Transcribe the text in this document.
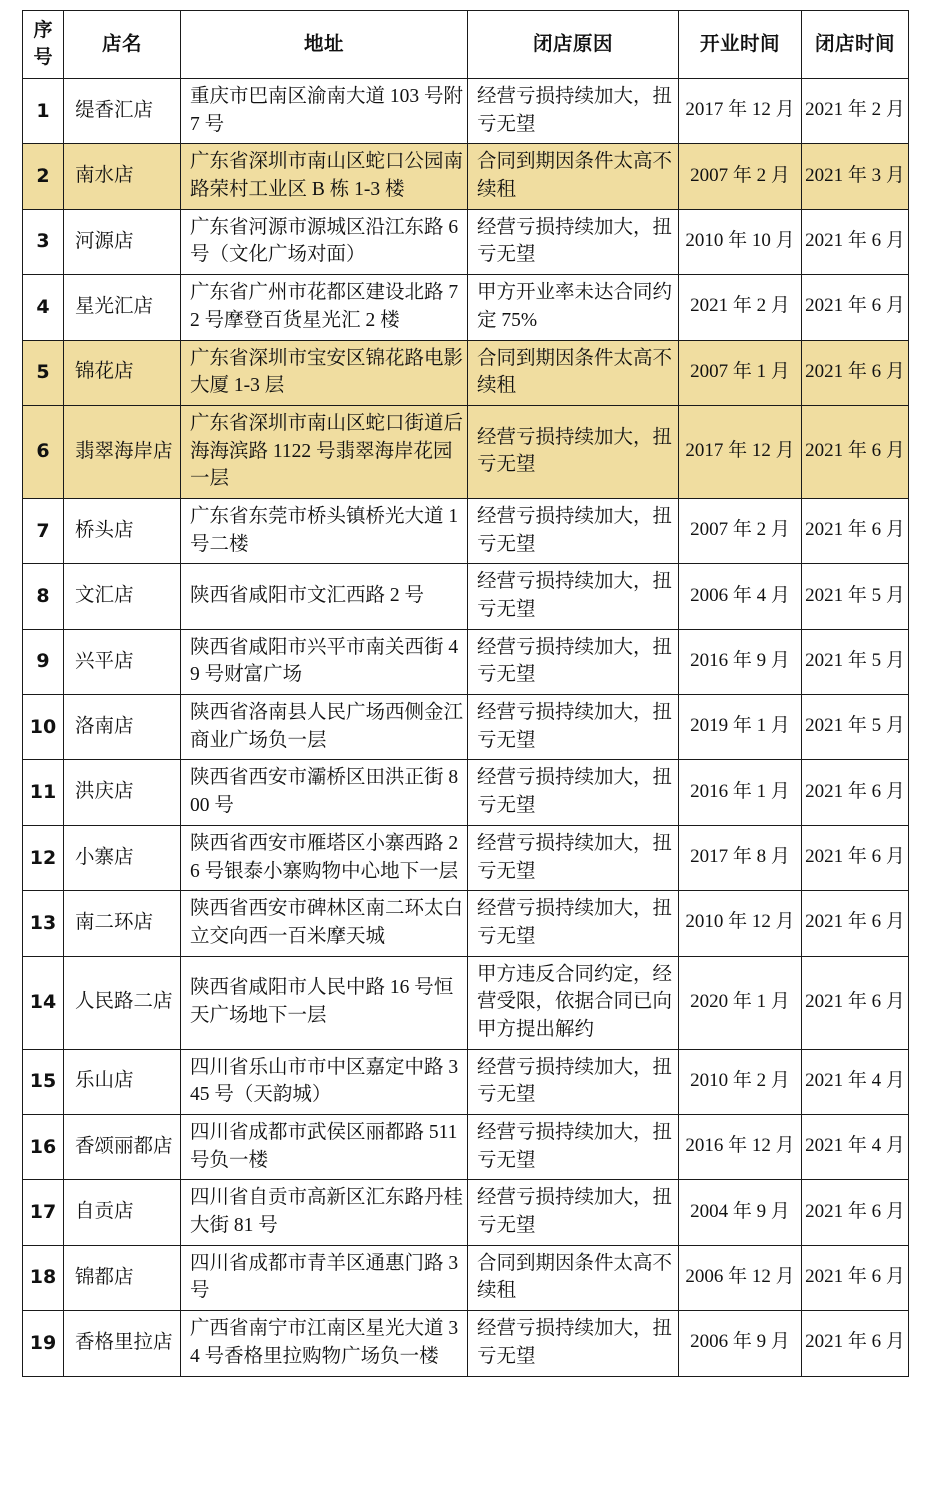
序
号	店名	地址	闭店原因	开业时间	闭店时间
1	缇香汇店	重庆市巴南区渝南大道 103 号附 7 号	经营亏损持续加大，扭亏无望	2017 年 12 月	2021 年 2 月
2	南水店	广东省深圳市南山区蛇口公园南路荣村工业区 B 栋 1-3 楼	合同到期因条件太高不续租	2007 年 2 月	2021 年 3 月
3	河源店	广东省河源市源城区沿江东路 6 号（文化广场对面）	经营亏损持续加大，扭亏无望	2010 年 10 月	2021 年 6 月
4	星光汇店	广东省广州市花都区建设北路 72 号摩登百货星光汇 2 楼	甲方开业率未达合同约定 75%	2021 年 2 月	2021 年 6 月
5	锦花店	广东省深圳市宝安区锦花路电影大厦 1-3 层	合同到期因条件太高不续租	2007 年 1 月	2021 年 6 月
6	翡翠海岸店	广东省深圳市南山区蛇口街道后海海滨路 1122 号翡翠海岸花园一层	经营亏损持续加大，扭亏无望	2017 年 12 月	2021 年 6 月
7	桥头店	广东省东莞市桥头镇桥光大道 1 号二楼	经营亏损持续加大，扭亏无望	2007 年 2 月	2021 年 6 月
8	文汇店	陕西省咸阳市文汇西路 2 号	经营亏损持续加大，扭亏无望	2006 年 4 月	2021 年 5 月
9	兴平店	陕西省咸阳市兴平市南关西街 49 号财富广场	经营亏损持续加大，扭亏无望	2016 年 9 月	2021 年 5 月
10	洛南店	陕西省洛南县人民广场西侧金江商业广场负一层	经营亏损持续加大，扭亏无望	2019 年 1 月	2021 年 5 月
11	洪庆店	陕西省西安市灞桥区田洪正街 800 号	经营亏损持续加大，扭亏无望	2016 年 1 月	2021 年 6 月
12	小寨店	陕西省西安市雁塔区小寨西路 26 号银泰小寨购物中心地下一层	经营亏损持续加大，扭亏无望	2017 年 8 月	2021 年 6 月
13	南二环店	陕西省西安市碑林区南二环太白立交向西一百米摩天城	经营亏损持续加大，扭亏无望	2010 年 12 月	2021 年 6 月
14	人民路二店	陕西省咸阳市人民中路 16 号恒天广场地下一层	甲方违反合同约定，经营受限，依据合同已向甲方提出解约	2020 年 1 月	2021 年 6 月
15	乐山店	四川省乐山市市中区嘉定中路 345 号（天韵城）	经营亏损持续加大，扭亏无望	2010 年 2 月	2021 年 4 月
16	香颂丽都店	四川省成都市武侯区丽都路 511 号负一楼	经营亏损持续加大，扭亏无望	2016 年 12 月	2021 年 4 月
17	自贡店	四川省自贡市高新区汇东路丹桂大街 81 号	经营亏损持续加大，扭亏无望	2004 年 9 月	2021 年 6 月
18	锦都店	四川省成都市青羊区通惠门路 3 号	合同到期因条件太高不续租	2006 年 12 月	2021 年 6 月
19	香格里拉店	广西省南宁市江南区星光大道 34 号香格里拉购物广场负一楼	经营亏损持续加大，扭亏无望	2006 年 9 月	2021 年 6 月
